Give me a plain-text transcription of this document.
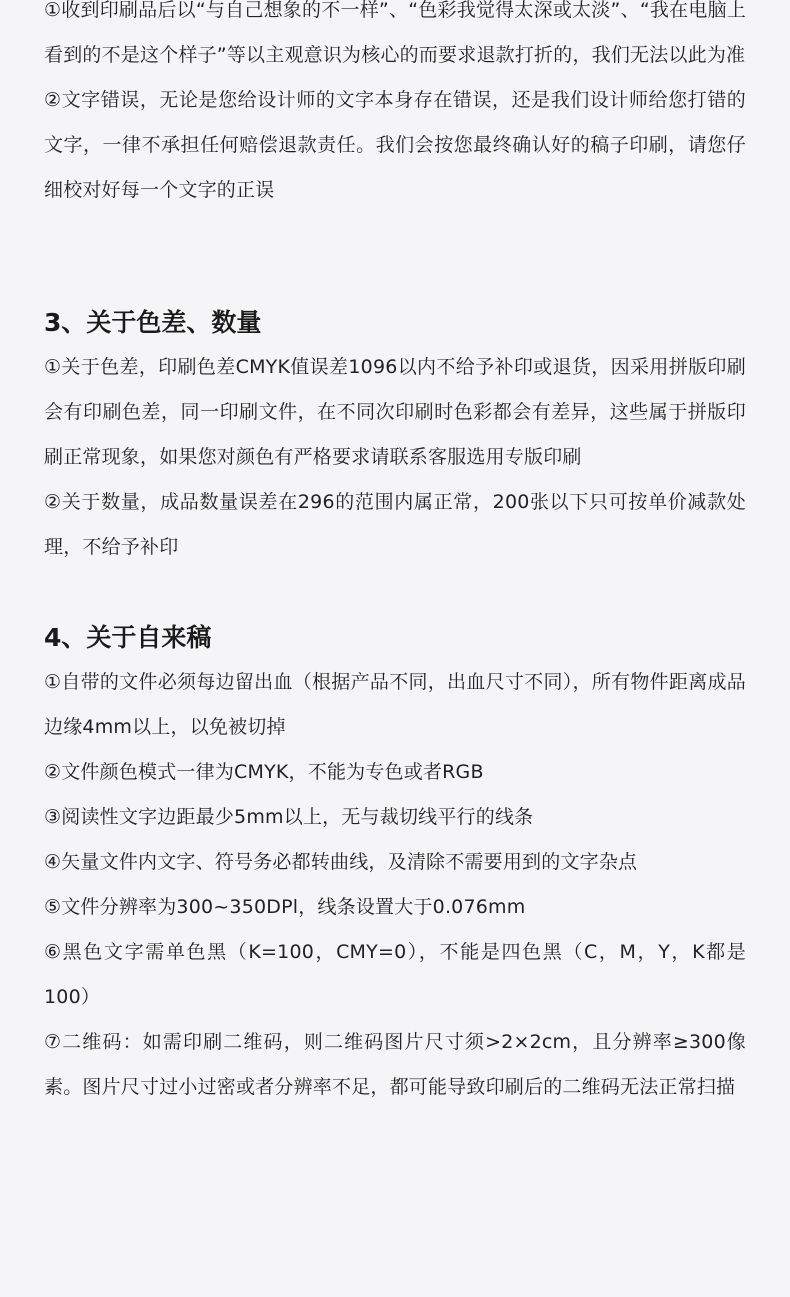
①收到印刷品后以“与自己想象的不一样”、“色彩我觉得太深或太淡”、“我在电脑上看到的不是这个样子”等以主观意识为核心的而要求退款打折的，我们无法以此为准

②文字错误，无论是您给设计师的文字本身存在错误，还是我们设计师给您打错的文字，一律不承担任何赔偿退款责任。我们会按您最终确认好的稿子印刷，请您仔细校对好每一个文字的正误

3、关于色差、数量

①关于色差，印刷色差CMYK值误差1096以内不给予补印或退货，因采用拼版印刷会有印刷色差，同一印刷文件，在不同次印刷时色彩都会有差异，这些属于拼版印刷正常现象，如果您对颜色有严格要求请联系客服选用专版印刷

②关于数量，成品数量误差在296的范围内属正常，200张以下只可按单价减款处理，不给予补印

4、关于自来稿

①自带的文件必须每边留出血（根据产品不同，出血尺寸不同），所有物件距离成品边缘4mm以上，以免被切掉

②文件颜色模式一律为CMYK，不能为专色或者RGB

③阅读性文字边距最少5mm以上，无与裁切线平行的线条

④矢量文件内文字、符号务必都转曲线，及清除不需要用到的文字杂点

⑤文件分辨率为300~350DPl，线条设置大于0.076mm

⑥黑色文字需单色黑（K=100，CMY=0），不能是四色黑（C，M，Y，K都是100）

⑦二维码：如需印刷二维码，则二维码图片尺寸须>2×2cm，且分辨率≥300像素。图片尺寸过小过密或者分辨率不足，都可能导致印刷后的二维码无法正常扫描
